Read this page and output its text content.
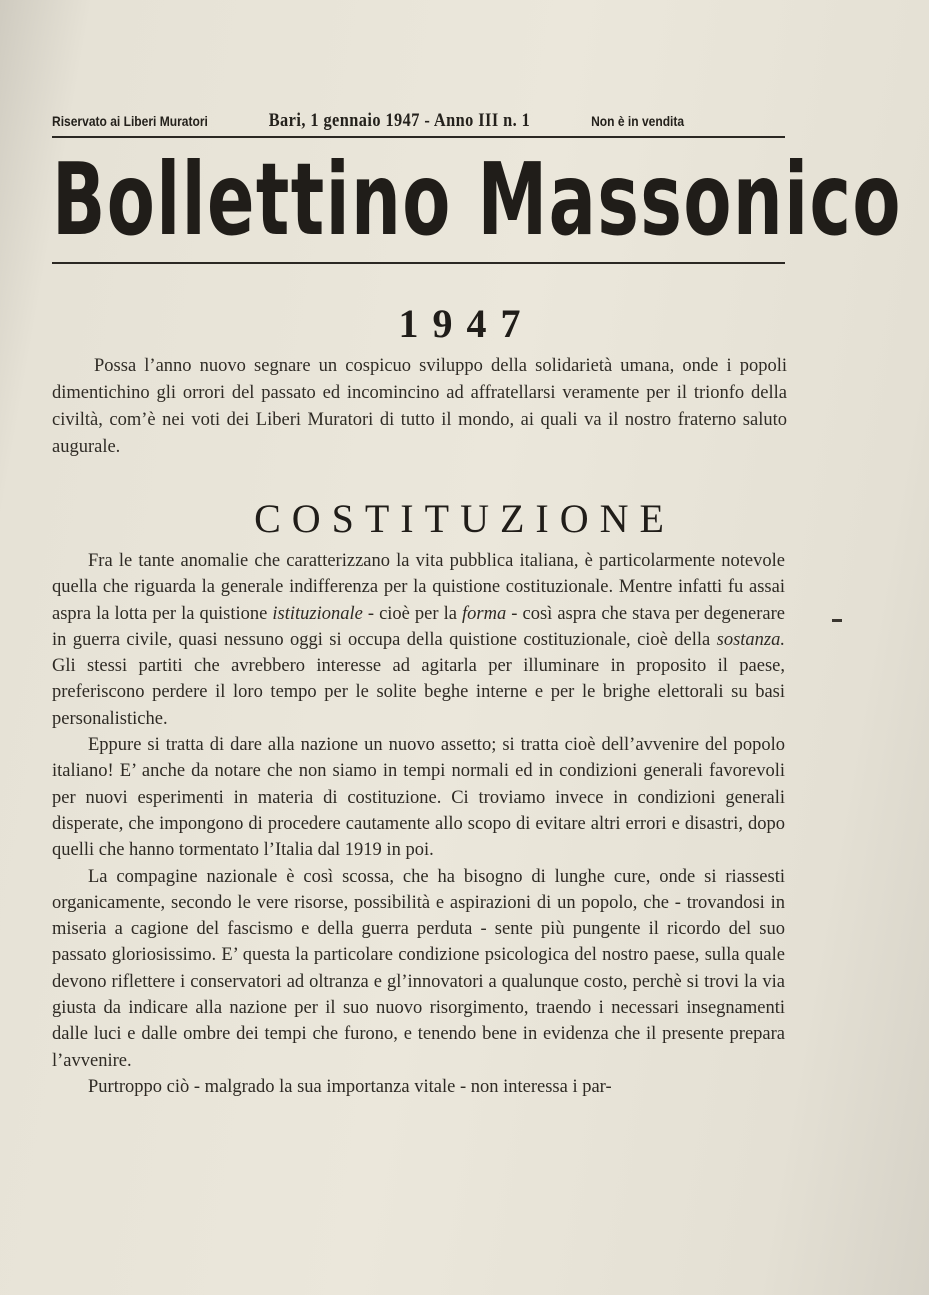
Riservato ai Liberi Muratori	Bari, 1 gennaio 1947 - Anno III n. 1	Non è in vendita
Bollettino Massonico
1947
Possa l’anno nuovo segnare un cospicuo sviluppo della solidarietà umana, onde i popoli dimentichino gli orrori del passato ed incomincino ad affratellarsi veramente per il trionfo della civiltà, com’è nei voti dei Liberi Muratori di tutto il mondo, ai quali va il nostro fraterno saluto augurale.
COSTITUZIONE

Fra le tante anomalie che caratterizzano la vita pubblica italiana, è particolarmente notevole quella che riguarda la generale indifferenza per la quistione costituzionale. Mentre infatti fu assai aspra la lotta per la quistione istituzionale - cioè per la forma - così aspra che stava per degenerare in guerra civile, quasi nessuno oggi si occupa della quistione costituzionale, cioè della sostanza. Gli stessi partiti che avrebbero interesse ad agitarla per illuminare in proposito il paese, preferiscono perdere il loro tempo per le solite beghe interne e per le brighe elettorali su basi personalistiche.

Eppure si tratta di dare alla nazione un nuovo assetto; si tratta cioè dell’avvenire del popolo italiano! E’ anche da notare che non siamo in tempi normali ed in condizioni generali favorevoli per nuovi esperimenti in materia di costituzione. Ci troviamo invece in condizioni generali disperate, che impongono di procedere cautamente allo scopo di evitare altri errori e disastri, dopo quelli che hanno tormentato l’Italia dal 1919 in poi.

La compagine nazionale è così scossa, che ha bisogno di lunghe cure, onde si riassesti organicamente, secondo le vere risorse, possibilità e aspirazioni di un popolo, che - trovandosi in miseria a cagione del fascismo e della guerra perduta - sente più pungente il ricordo del suo passato gloriosissimo. E’ questa la particolare condizione psicologica del nostro paese, sulla quale devono riflettere i conservatori ad oltranza e gl’innovatori a qualunque costo, perchè si trovi la via giusta da indicare alla nazione per il suo nuovo risorgimento, traendo i necessari insegnamenti dalle luci e dalle ombre dei tempi che furono, e tenendo bene in evidenza che il presente prepara l’avvenire.

Purtroppo ciò - malgrado la sua importanza vitale - non interessa i par-
